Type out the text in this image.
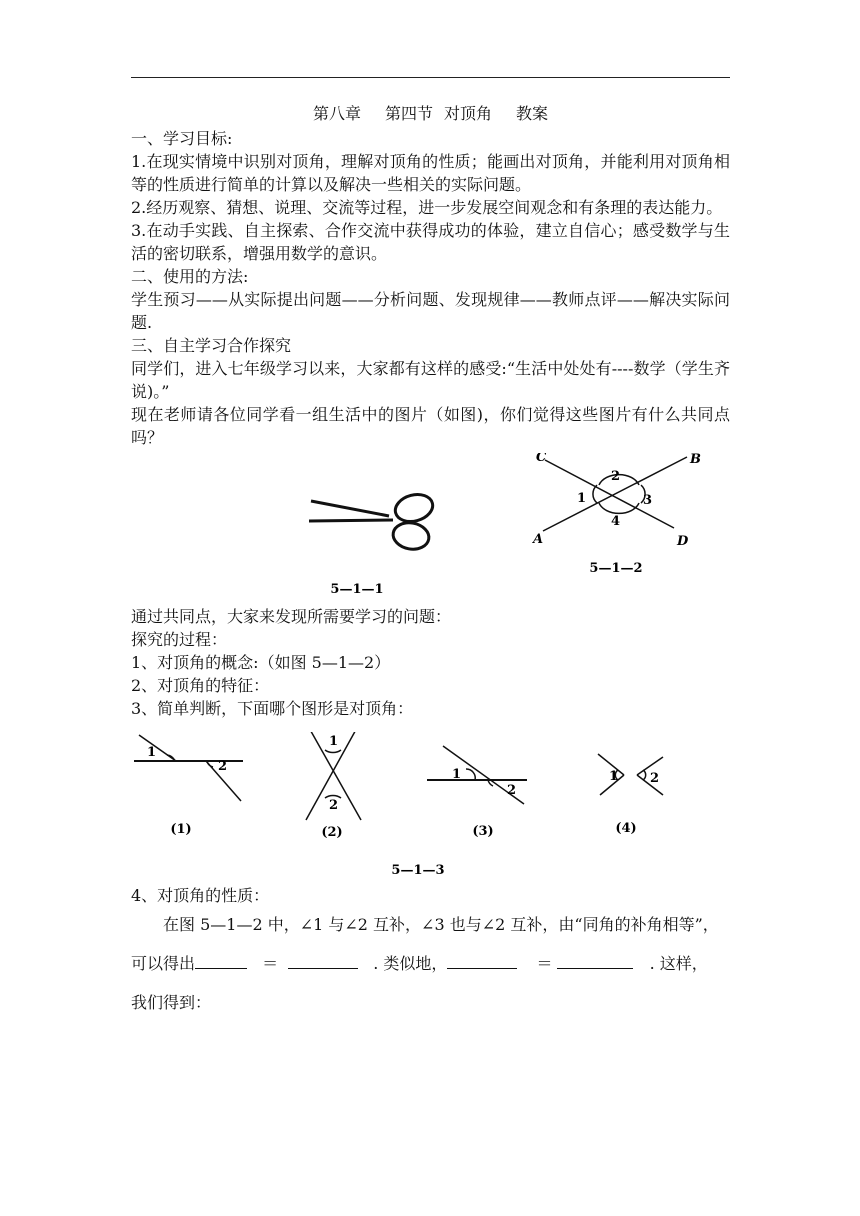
第八章 第四节 对顶角 教案

一、学习目标:

1.在现实情境中识别对顶角，理解对顶角的性质；能画出对顶角，并能利用对顶角相等的性质进行简单的计算以及解决一些相关的实际问题。

2.经历观察、猜想、说理、交流等过程，进一步发展空间观念和有条理的表达能力。

3.在动手实践、自主探索、合作交流中获得成功的体验，建立自信心；感受数学与生活的密切联系，增强用数学的意识。

二、使用的方法:

学生预习——从实际提出问题——分析问题、发现规律——教师点评——解决实际问题.

三、自主学习合作探究

同学们，进入七年级学习以来，大家都有这样的感受:“生活中处处有----数学（学生齐说)。”

现在老师请各位同学看一组生活中的图片（如图)，你们觉得这些图片有什么共同点吗？

5—1—1
C	B
A	D
1
2
3
4
5—1—2

通过共同点，大家来发现所需要学习的问题：

探究的过程：

1、对顶角的概念:（如图 5—1—2）

2、对顶角的特征：

3、简单判断，下面哪个图形是对顶角：

1
2
1
2
1
2
1 2
(1)	(2)	(3)	(4)
5—1—3

4、对顶角的性质：

在图 5—1—2 中，∠1 与∠2 互补，∠3 也与∠2 互补，由“同角的补角相等”，

可以得出	＝	. 类似地，	＝	. 这样，

我们得到：
